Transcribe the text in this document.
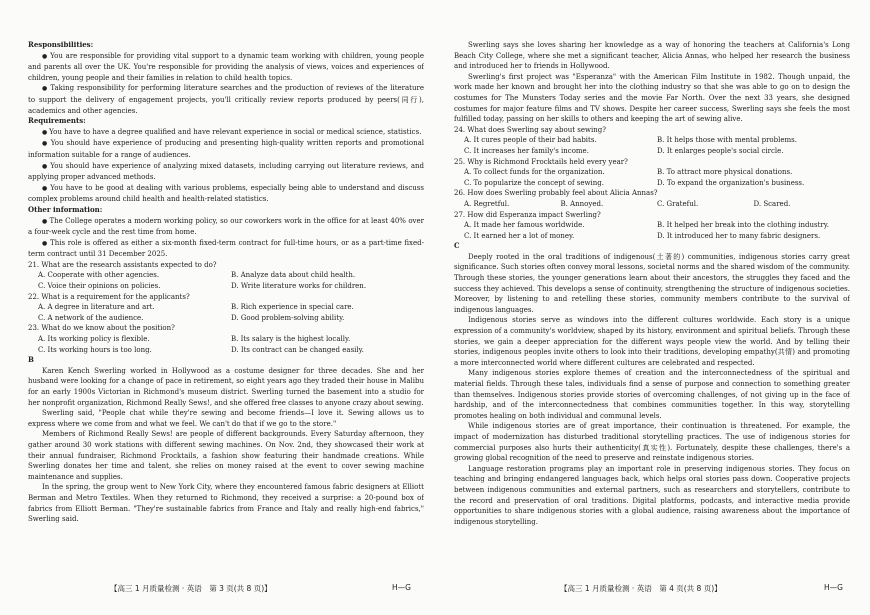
Responsibilities:

● You are responsible for providing vital support to a dynamic team working with children, young people and parents all over the UK. You're responsible for providing the analysis of views, voices and experiences of children, young people and their families in relation to child health topics.

● Taking responsibility for performing literature searches and the production of reviews of the literature to support the delivery of engagement projects, you'll critically review reports produced by peers(同行), academics and other agencies.

Requirements:

● You have to have a degree qualified and have relevant experience in social or medical science, statistics.

● You should have experience of producing and presenting high-quality written reports and promotional information suitable for a range of audiences.

● You should have experience of analyzing mixed datasets, including carrying out literature reviews, and applying proper advanced methods.

● You have to be good at dealing with various problems, especially being able to understand and discuss complex problems around child health and health-related statistics.

Other information:

● The College operates a modern working policy, so our coworkers work in the office for at least 40% over a four-week cycle and the rest time from home.

● This role is offered as either a six-month fixed-term contract for full-time hours, or as a part-time fixed-term contract until 31 December 2025.

21. What are the research assistants expected to do?

A. Cooperate with other agencies.	B. Analyze data about child health.
C. Voice their opinions on policies.	D. Write literature works for children.

22. What is a requirement for the applicants?

A. A degree in literature and art.	B. Rich experience in special care.
C. A network of the audience.	D. Good problem-solving ability.

23. What do we know about the position?

A. Its working policy is flexible.	B. Its salary is the highest locally.
C. Its working hours is too long.	D. Its contract can be changed easily.

B

Karen Kench Swerling worked in Hollywood as a costume designer for three decades. She and her husband were looking for a change of pace in retirement, so eight years ago they traded their house in Malibu for an early 1900s Victorian in Richmond's museum district. Swerling turned the basement into a studio for her nonprofit organization, Richmond Really Sews!, and she offered free classes to anyone crazy about sewing.

Swerling said, "People chat while they're sewing and become friends—I love it. Sewing allows us to express where we come from and what we feel. We can't do that if we go to the store."

Members of Richmond Really Sews! are people of different backgrounds. Every Saturday afternoon, they gather around 30 work stations with different sewing machines. On Nov. 2nd, they showcased their work at their annual fundraiser, Richmond Frocktails, a fashion show featuring their handmade creations. While Swerling donates her time and talent, she relies on money raised at the event to cover sewing machine maintenance and supplies.

In the spring, the group went to New York City, where they encountered famous fabric designers at Elliott Berman and Metro Textiles. When they returned to Richmond, they received a surprise: a 20-pound box of fabrics from Elliott Berman. "They're sustainable fabrics from France and Italy and really high-end fabrics," Swerling said.

Swerling says she loves sharing her knowledge as a way of honoring the teachers at California's Long Beach City College, where she met a significant teacher, Alicia Annas, who helped her research the business and introduced her to friends in Hollywood.

Swerling's first project was "Esperanza" with the American Film Institute in 1982. Though unpaid, the work made her known and brought her into the clothing industry so that she was able to go on to design the costumes for The Munsters Today series and the movie Far North. Over the next 33 years, she designed costumes for major feature films and TV shows. Despite her career success, Swerling says she feels the most fulfilled today, passing on her skills to others and keeping the art of sewing alive.

24. What does Swerling say about sewing?

A. It cures people of their bad habits.	B. It helps those with mental problems.
C. It increases her family's income.	D. It enlarges people's social circle.

25. Why is Richmond Frocktails held every year?

A. To collect funds for the organization.	B. To attract more physical donations.
C. To popularize the concept of sewing.	D. To expand the organization's business.

26. How does Swerling probably feel about Alicia Annas?

A. Regretful.	B. Annoyed.	C. Grateful.	D. Scared.

27. How did Esperanza impact Swerling?

A. It made her famous worldwide.	B. It helped her break into the clothing industry.
C. It earned her a lot of money.	D. It introduced her to many fabric designers.

C

Deeply rooted in the oral traditions of indigenous(土著的) communities, indigenous stories carry great significance. Such stories often convey moral lessons, societal norms and the shared wisdom of the community. Through these stories, the younger generations learn about their ancestors, the struggles they faced and the success they achieved. This develops a sense of continuity, strengthening the structure of indigenous societies. Moreover, by listening to and retelling these stories, community members contribute to the survival of indigenous languages.

Indigenous stories serve as windows into the different cultures worldwide. Each story is a unique expression of a community's worldview, shaped by its history, environment and spiritual beliefs. Through these stories, we gain a deeper appreciation for the different ways people view the world. And by telling their stories, indigenous peoples invite others to look into their traditions, developing empathy(共情) and promoting a more interconnected world where different cultures are celebrated and respected.

Many indigenous stories explore themes of creation and the interconnectedness of the spiritual and material fields. Through these tales, individuals find a sense of purpose and connection to something greater than themselves. Indigenous stories provide stories of overcoming challenges, of not giving up in the face of hardship, and of the interconnectedness that combines communities together. In this way, storytelling promotes healing on both individual and communal levels.

While indigenous stories are of great importance, their continuation is threatened. For example, the impact of modernization has disturbed traditional storytelling practices. The use of indigenous stories for commercial purposes also hurts their authenticity(真实性). Fortunately, despite these challenges, there's a growing global recognition of the need to preserve and reinstate indigenous stories.

Language restoration programs play an important role in preserving indigenous stories. They focus on teaching and bringing endangered languages back, which helps oral stories pass down. Cooperative projects between indigenous communities and external partners, such as researchers and storytellers, contribute to the record and preservation of oral traditions. Digital platforms, podcasts, and interactive media provide opportunities to share indigenous stories with a global audience, raising awareness about the importance of indigenous storytelling.

【高三 1 月质量检测 · 英语　第 3 页(共 8 页)】	H—G	【高三 1 月质量检测 · 英语　第 4 页(共 8 页)】	H—G
